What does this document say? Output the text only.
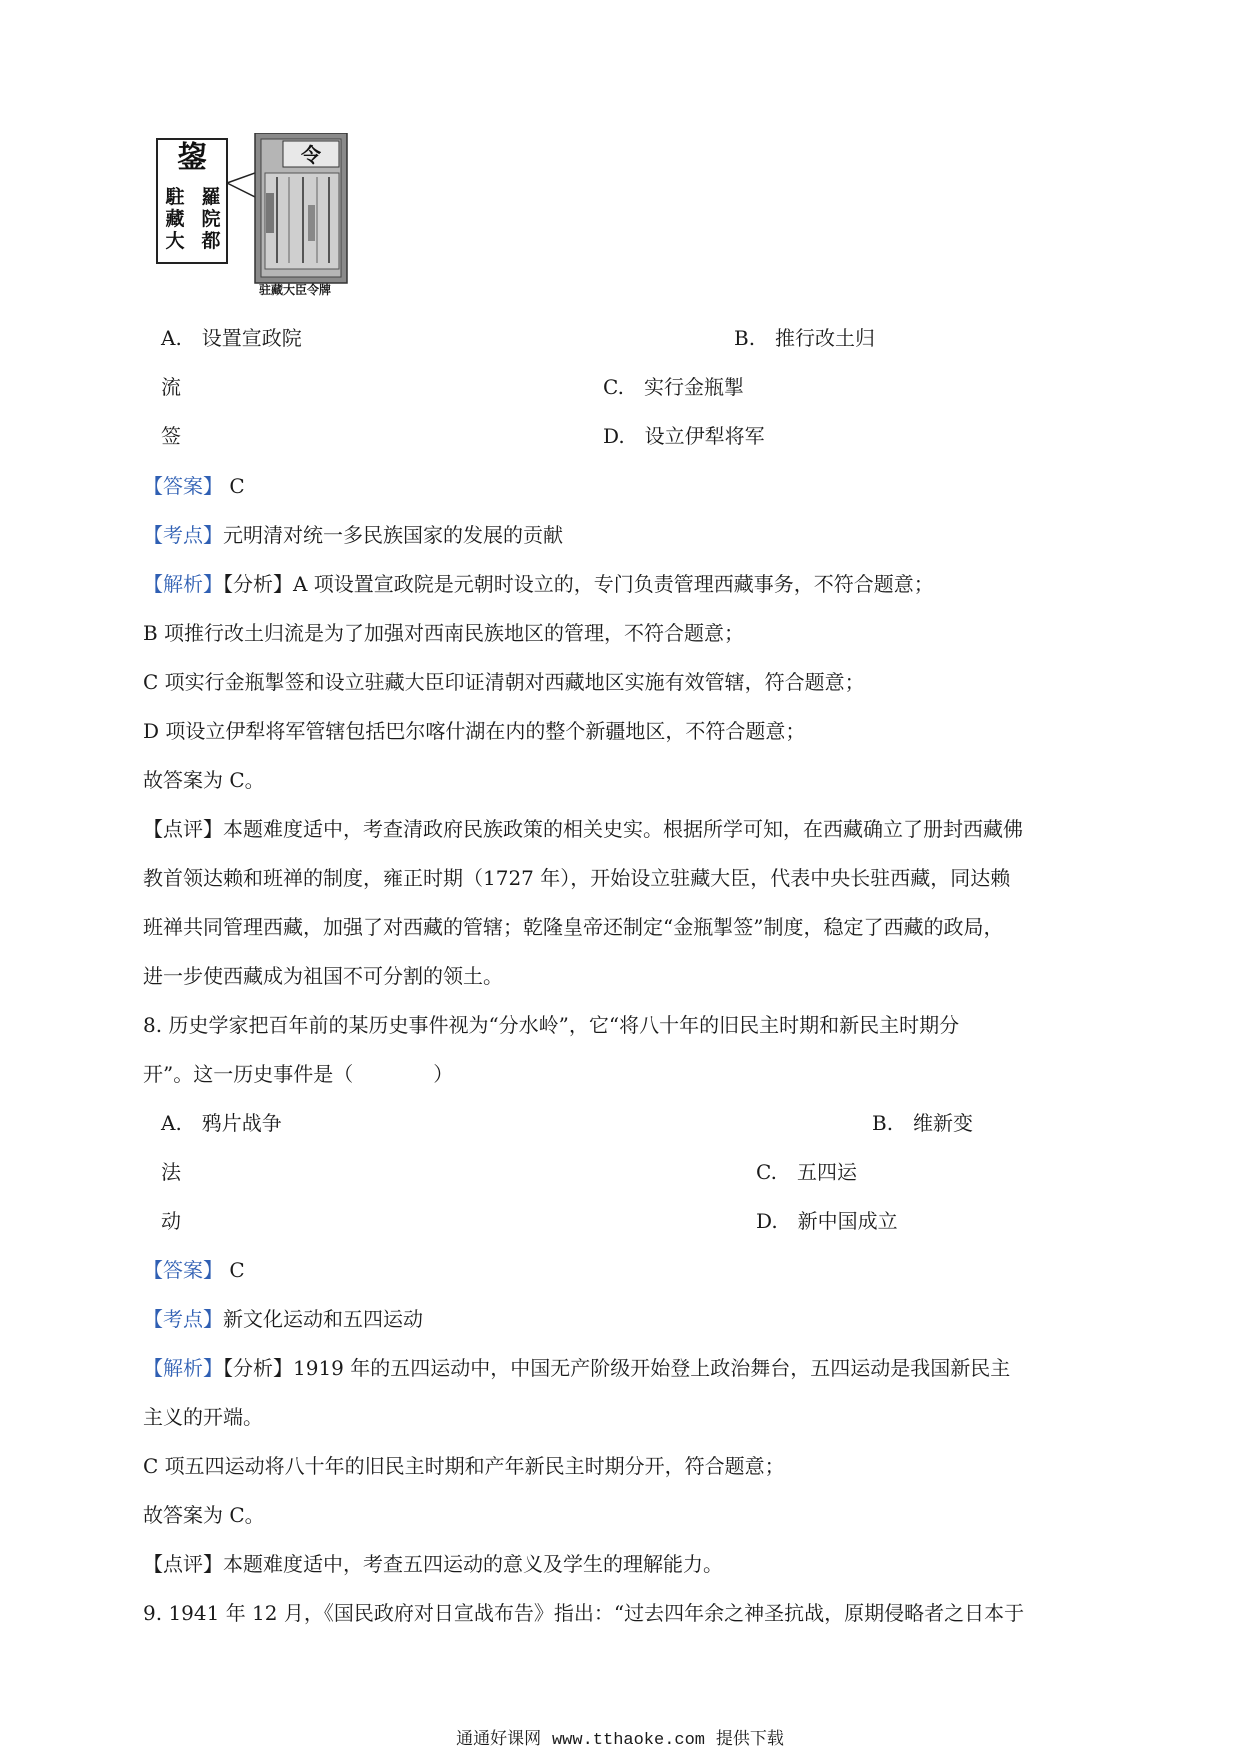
鋆
羅
院
都
駐
藏
大
令
驻藏大臣令牌
A.　设置宣政院	B.　推行改土归
流	C.　实行金瓶掣
签	D.　设立伊犁将军
【答案】 C
【考点】元明清对统一多民族国家的发展的贡献
【解析】【分析】A 项设置宣政院是元朝时设立的，专门负责管理西藏事务，不符合题意；
B 项推行改土归流是为了加强对西南民族地区的管理，不符合题意；
C 项实行金瓶掣签和设立驻藏大臣印证清朝对西藏地区实施有效管辖，符合题意；
D 项设立伊犁将军管辖包括巴尔喀什湖在内的整个新疆地区，不符合题意；
故答案为 C。
【点评】本题难度适中，考查清政府民族政策的相关史实。根据所学可知，在西藏确立了册封西藏佛
教首领达赖和班禅的制度，雍正时期（1727 年），开始设立驻藏大臣，代表中央长驻西藏，同达赖
班禅共同管理西藏，加强了对西藏的管辖；乾隆皇帝还制定“金瓶掣签”制度，稳定了西藏的政局，
进一步使西藏成为祖国不可分割的领土。
8. 历史学家把百年前的某历史事件视为“分水岭”，它“将八十年的旧民主时期和新民主时期分
开”。这一历史事件是（　　　　）
A.　鸦片战争	B.　维新变
法	C.　五四运
动	D.　新中国成立
【答案】 C
【考点】新文化运动和五四运动
【解析】【分析】1919 年的五四运动中，中国无产阶级开始登上政治舞台，五四运动是我国新民主
主义的开端。
C 项五四运动将八十年的旧民主时期和产年新民主时期分开，符合题意；
故答案为 C。
【点评】本题难度适中，考查五四运动的意义及学生的理解能力。
9. 1941 年 12 月，《国民政府对日宣战布告》指出：“过去四年余之神圣抗战，原期侵略者之日本于
通通好课网 www.tthaoke.com 提供下载
